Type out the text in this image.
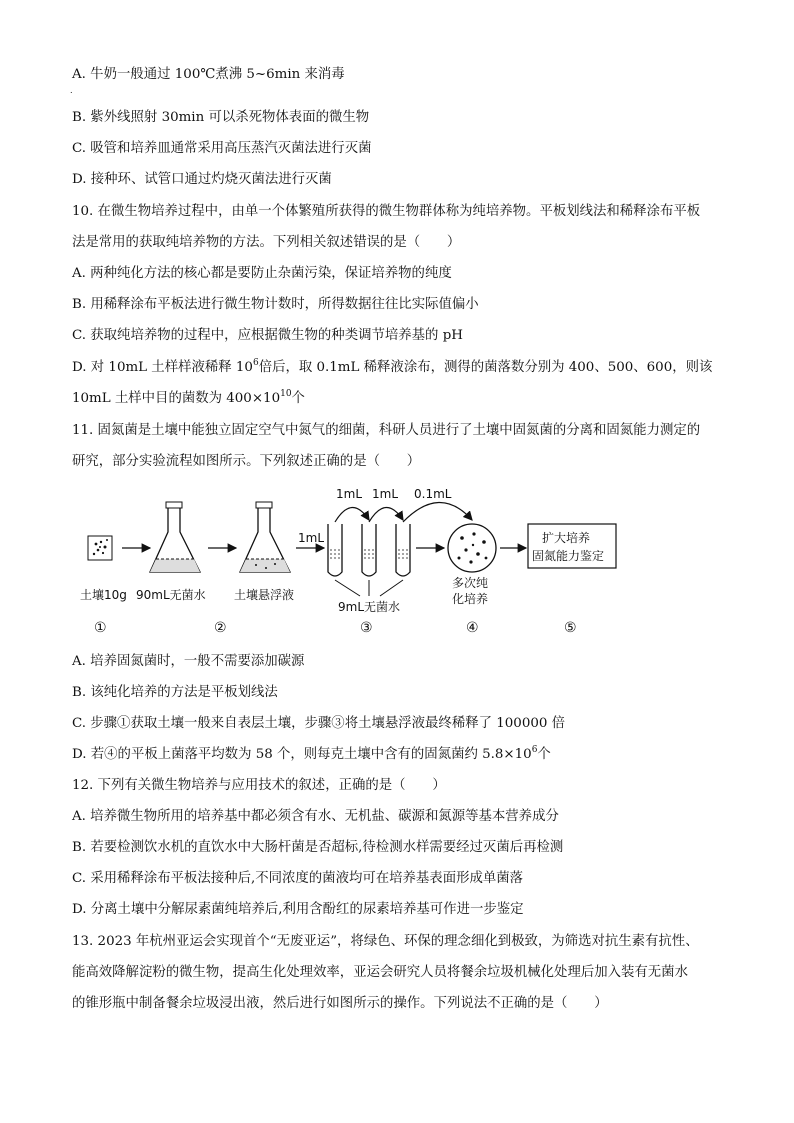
A. 牛奶一般通过 100℃煮沸 5~6min 来消毒
.
B. 紫外线照射 30min 可以杀死物体表面的微生物
C. 吸管和培养皿通常采用高压蒸汽灭菌法进行灭菌
D. 接种环、试管口通过灼烧灭菌法进行灭菌
10. 在微生物培养过程中，由单一个体繁殖所获得的微生物群体称为纯培养物。平板划线法和稀释涂布平板
法是常用的获取纯培养物的方法。下列相关叙述错误的是（　　）
A. 两种纯化方法的核心都是要防止杂菌污染，保证培养物的纯度
B. 用稀释涂布平板法进行微生物计数时，所得数据往往比实际值偏小
C. 获取纯培养物的过程中，应根据微生物的种类调节培养基的 pH
D. 对 10mL 土样样液稀释 $10^6$倍后，取 0.1mL 稀释液涂布，测得的菌落数分别为 400、500、600，则该
10mL 土样中目的菌数为 $400\times 10^{10}$个
11. 固氮菌是土壤中能独立固定空气中氮气的细菌，科研人员进行了土壤中固氮菌的分离和固氮能力测定的
研究，部分实验流程如图所示。下列叙述正确的是（　　）
1mL
1mL 1mL 0.1mL
扩大培养
固氮能力鉴定
土壤10g 90mL无菌水 土壤悬浮液
9mL无菌水
多次纯
化培养
①	②	③	④	⑤
A. 培养固氮菌时，一般不需要添加碳源
B. 该纯化培养的方法是平板划线法
C. 步骤①获取土壤一般来自表层土壤，步骤③将土壤悬浮液最终稀释了 100000 倍
D. 若④的平板上菌落平均数为 58 个，则每克土壤中含有的固氮菌约 $5.8\times 10^6$个
12. 下列有关微生物培养与应用技术的叙述，正确的是（　　）
A. 培养微生物所用的培养基中都必须含有水、无机盐、碳源和氮源等基本营养成分
B. 若要检测饮水机的直饮水中大肠杆菌是否超标,待检测水样需要经过灭菌后再检测
C. 采用稀释涂布平板法接种后,不同浓度的菌液均可在培养基表面形成单菌落
D. 分离土壤中分解尿素菌纯培养后,利用含酚红的尿素培养基可作进一步鉴定
13. 2023 年杭州亚运会实现首个“无废亚运”，将绿色、环保的理念细化到极致，为筛选对抗生素有抗性、
能高效降解淀粉的微生物，提高生化处理效率，亚运会研究人员将餐余垃圾机械化处理后加入装有无菌水
的锥形瓶中制备餐余垃圾浸出液，然后进行如图所示的操作。下列说法不正确的是（　　）
